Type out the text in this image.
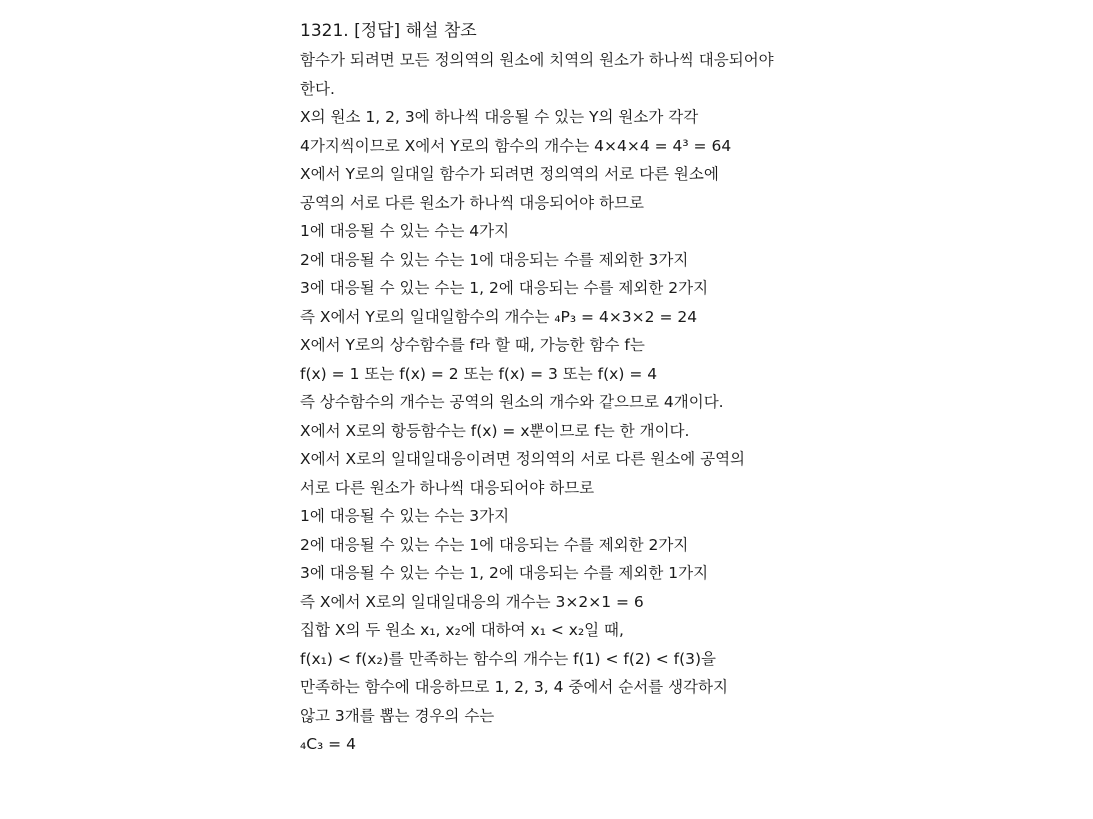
1321. [정답] 해설 참조
함수가 되려면 모든 정의역의 원소에 치역의 원소가 하나씩 대응되어야
한다.
X의 원소 1, 2, 3에 하나씩 대응될 수 있는 Y의 원소가 각각
4가지씩이므로 X에서 Y로의 함수의 개수는 4×4×4 = 4³ = 64
X에서 Y로의 일대일 함수가 되려면 정의역의 서로 다른 원소에
공역의 서로 다른 원소가 하나씩 대응되어야 하므로
1에 대응될 수 있는 수는 4가지
2에 대응될 수 있는 수는 1에 대응되는 수를 제외한 3가지
3에 대응될 수 있는 수는 1, 2에 대응되는 수를 제외한 2가지
즉 X에서 Y로의 일대일함수의 개수는 ₄P₃ = 4×3×2 = 24
X에서 Y로의 상수함수를 f라 할 때, 가능한 함수 f는
f(x) = 1 또는 f(x) = 2 또는 f(x) = 3 또는 f(x) = 4
즉 상수함수의 개수는 공역의 원소의 개수와 같으므로 4개이다.
X에서 X로의 항등함수는 f(x) = x뿐이므로 f는 한 개이다.
X에서 X로의 일대일대응이려면 정의역의 서로 다른 원소에 공역의
서로 다른 원소가 하나씩 대응되어야 하므로
1에 대응될 수 있는 수는 3가지
2에 대응될 수 있는 수는 1에 대응되는 수를 제외한 2가지
3에 대응될 수 있는 수는 1, 2에 대응되는 수를 제외한 1가지
즉 X에서 X로의 일대일대응의 개수는 3×2×1 = 6
집합 X의 두 원소 x₁, x₂에 대하여 x₁ < x₂일 때,
f(x₁) < f(x₂)를 만족하는 함수의 개수는 f(1) < f(2) < f(3)을
만족하는 함수에 대응하므로 1, 2, 3, 4 중에서 순서를 생각하지
않고 3개를 뽑는 경우의 수는
₄C₃ = 4
